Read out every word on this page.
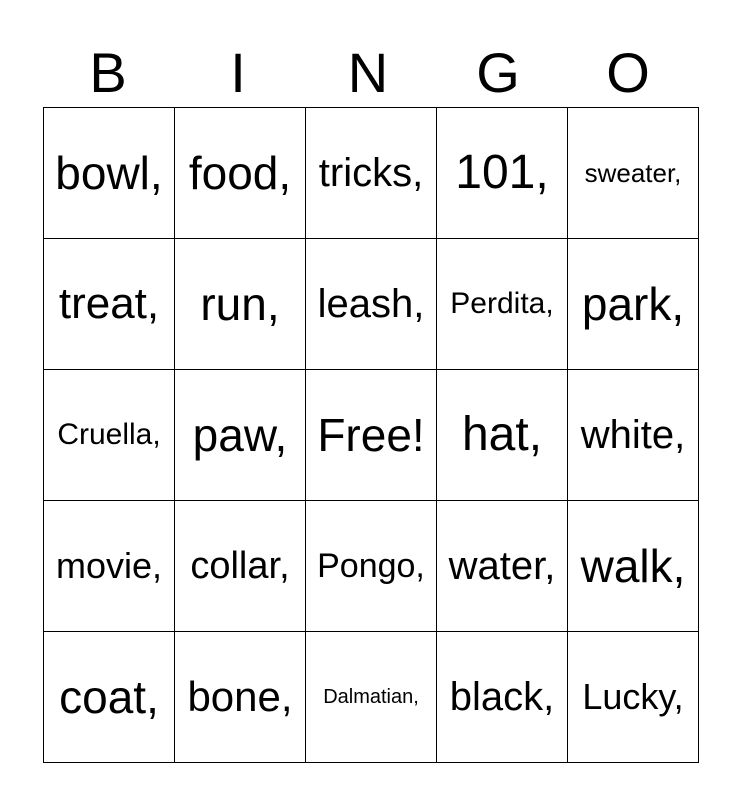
B	I	N	G	O
bowl,	food,	tricks,	101,	sweater,
treat,	run,	leash,	Perdita,	park,
Cruella,	paw,	Free!	hat,	white,
movie,	collar,	Pongo,	water,	walk,
coat,	bone,	Dalmatian,	black,	Lucky,
